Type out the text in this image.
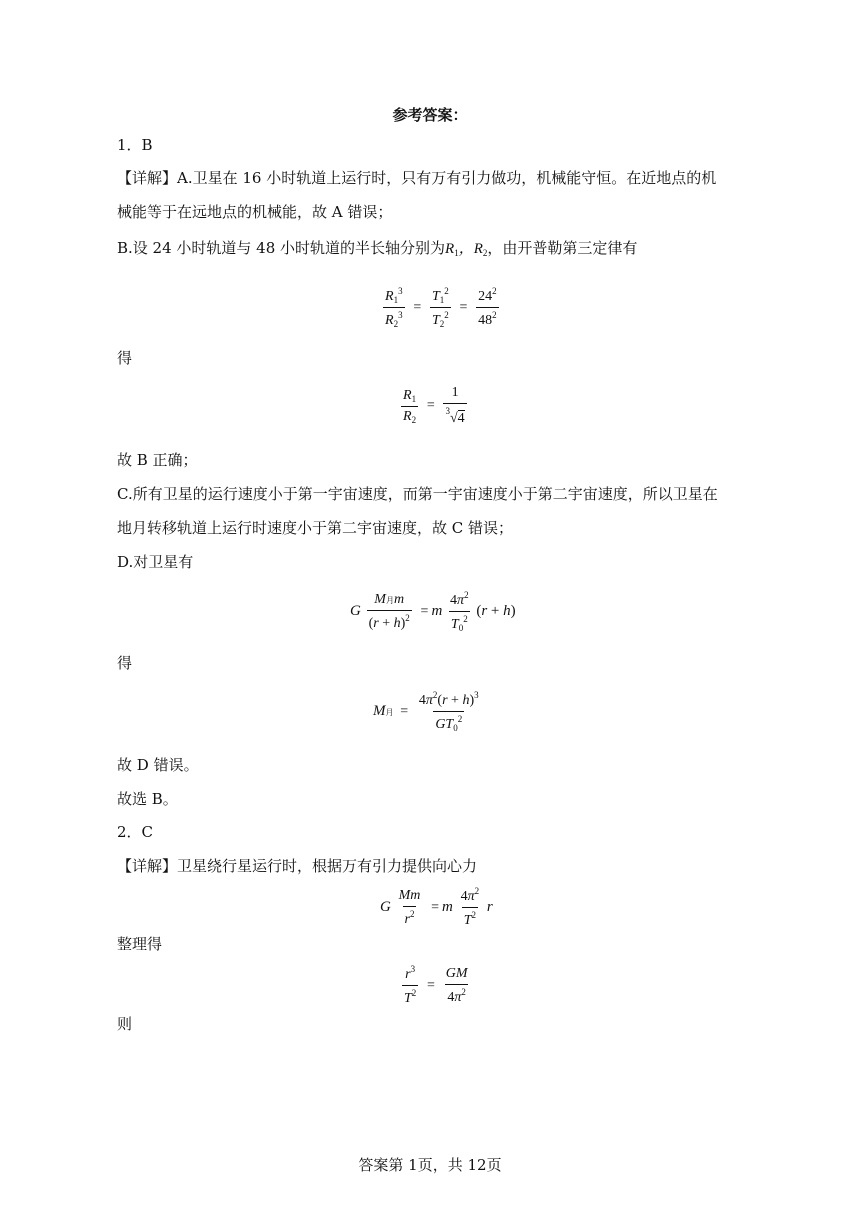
参考答案：
1．B
【详解】A.卫星在 16 小时轨道上运行时，只有万有引力做功，机械能守恒。在近地点的机
械能等于在远地点的机械能，故 A 错误；
B.设 24 小时轨道与 48 小时轨道的半长轴分别为$R_1$，$R_2$，由开普勒第三定律有
$\frac{R_1^3}{R_2^3} = \frac{T_1^2}{T_2^2} = \frac{24^2}{48^2}$
得
$\frac{R_1}{R_2} = \frac{1}{^3√4}$
故 B 正确；
C.所有卫星的运行速度小于第一宇宙速度，而第一宇宙速度小于第二宇宙速度，所以卫星在
地月转移轨道上运行时速度小于第二宇宙速度，故 C 错误；
D.对卫星有
G $\frac{\text{M月m}}{(r + h)^2} = m \frac{4\pi^2}{T_0^2} (r + h)$
得
M月 = $\frac{4\pi^2(r + h)^3}{GT_0^2}$
故 D 错误。
故选 B。
2．C
【详解】卫星绕行星运行时，根据万有引力提供向心力
G $\frac{Mm}{r^2} = m \frac{4\pi^2}{T^2}$ r
整理得
$\frac{r^3}{T^2} = \frac{GM}{4\pi^2}$
则
答案第 1页，共 12页
